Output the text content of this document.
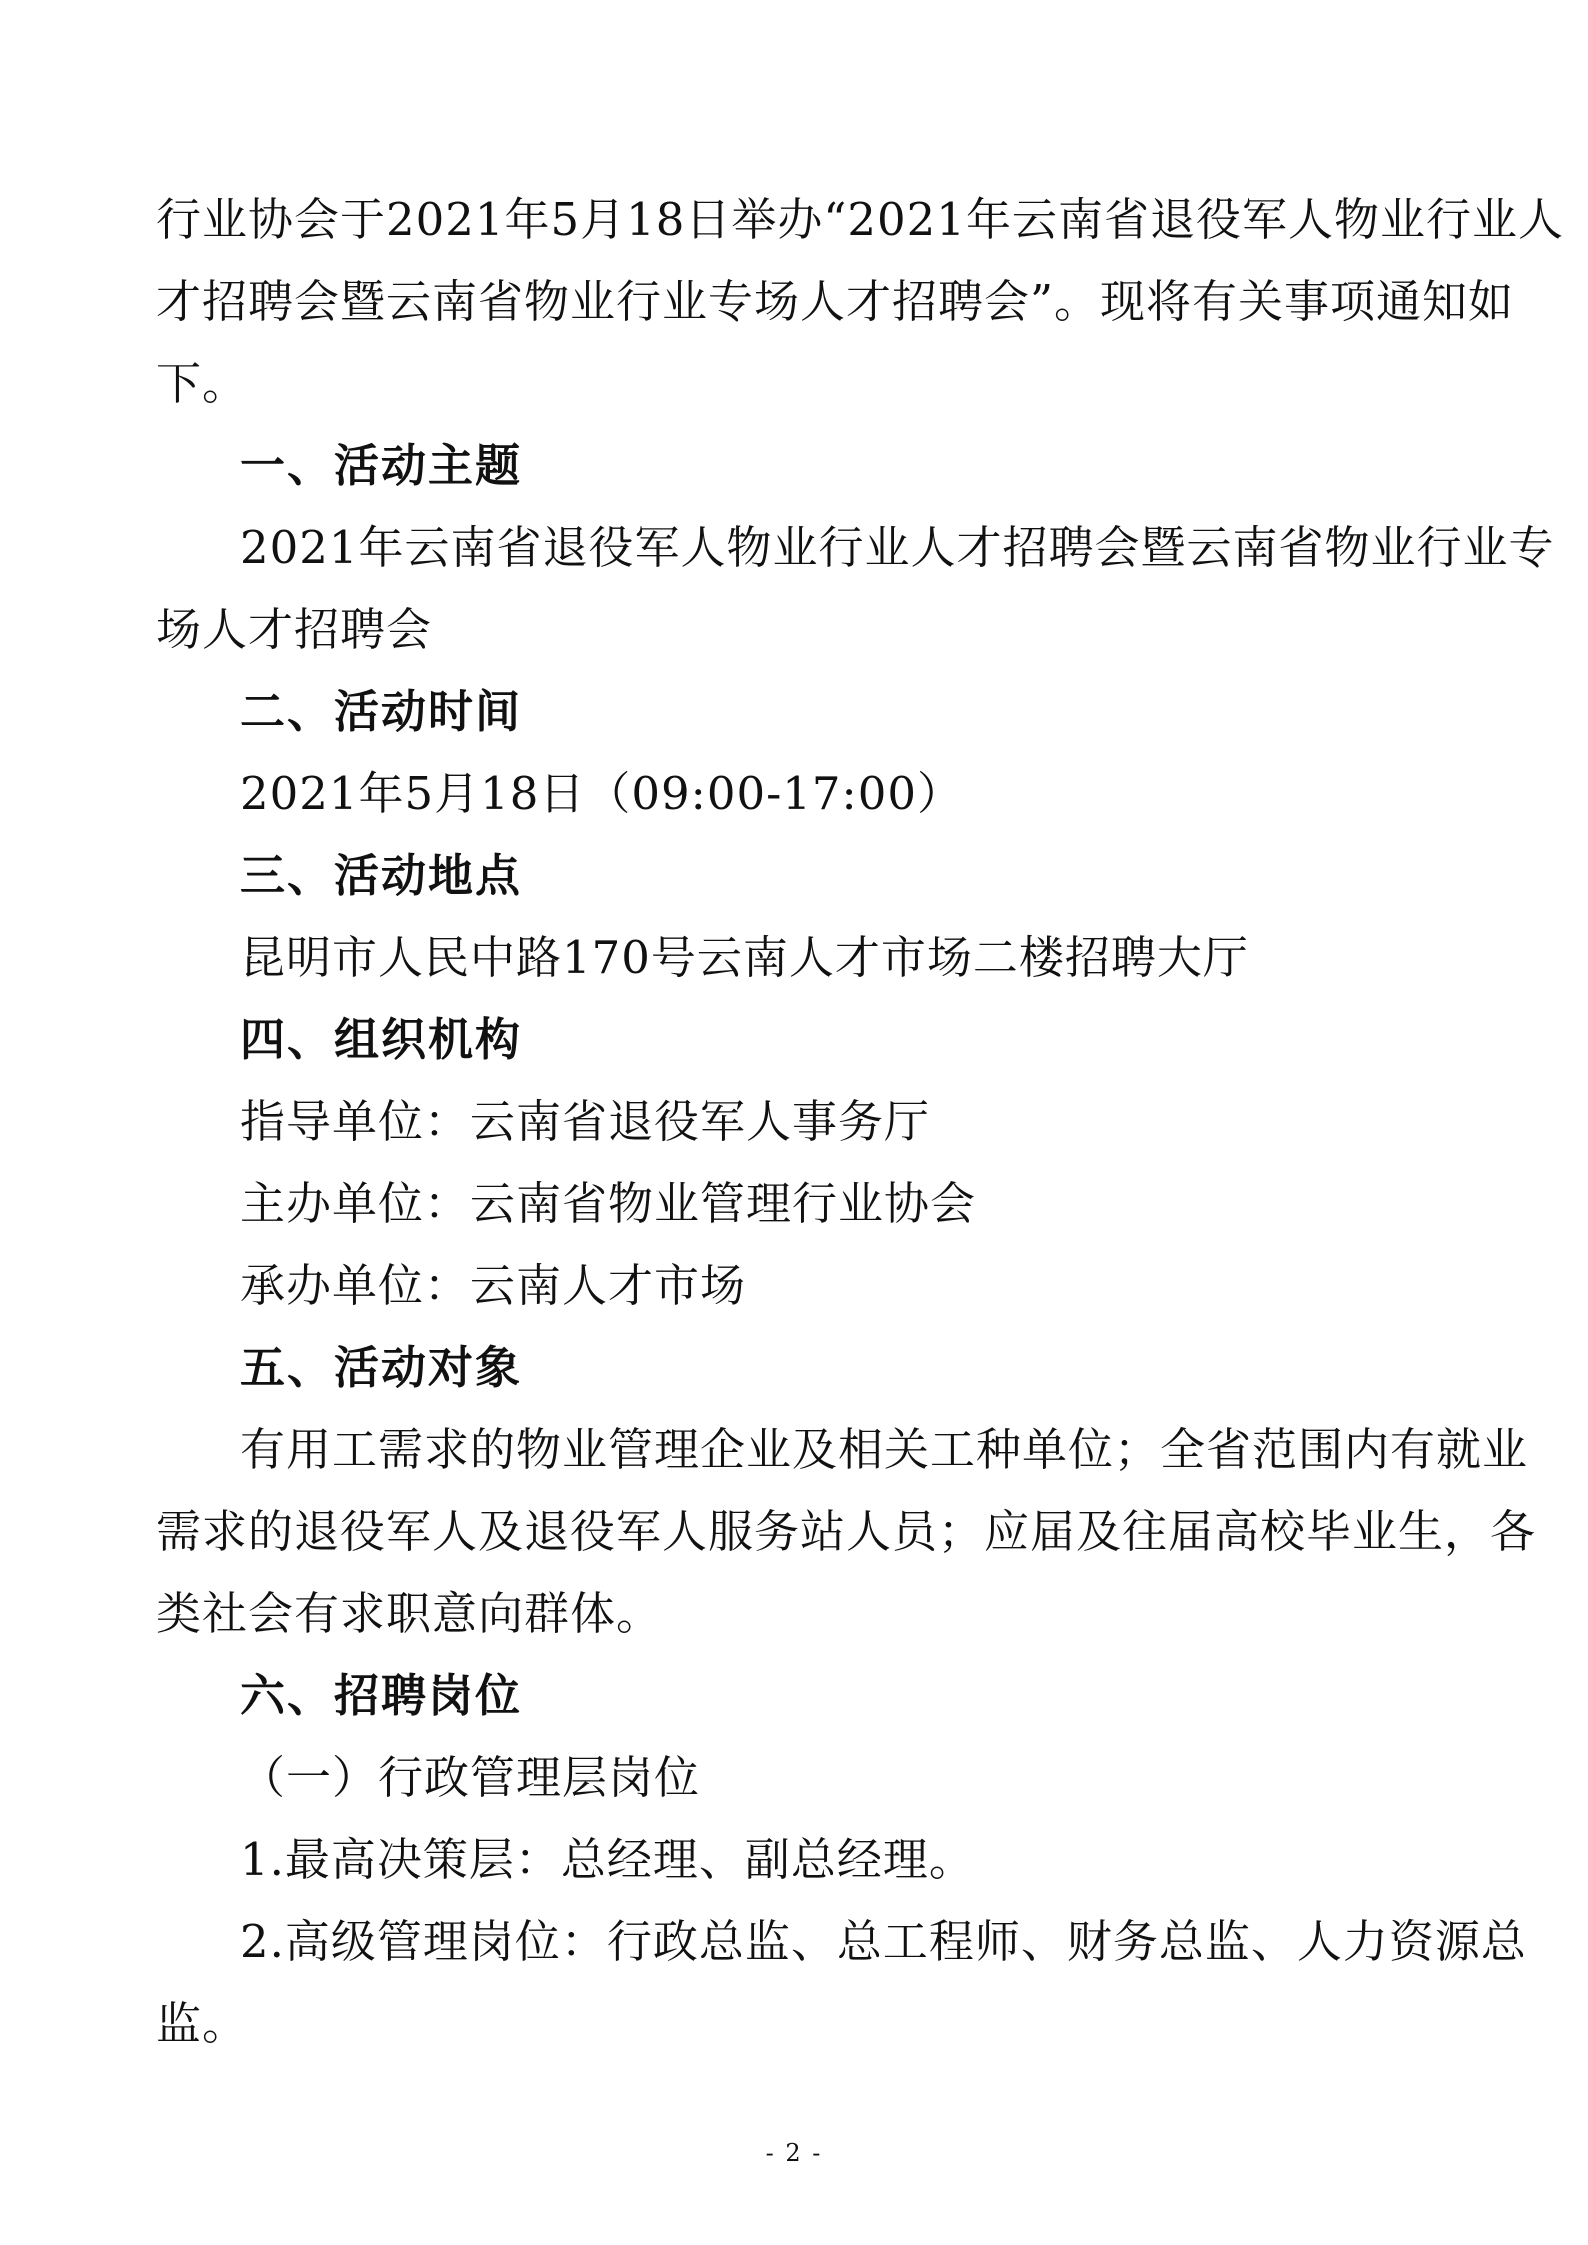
行业协会于2021年5月18日举办“2021年云南省退役军人物业行业人
才招聘会暨云南省物业行业专场人才招聘会”。现将有关事项通知如
下。
一、活动主题
2021年云南省退役军人物业行业人才招聘会暨云南省物业行业专
场人才招聘会
二、活动时间
2021年5月18日（09:00-17:00）
三、活动地点
昆明市人民中路170号云南人才市场二楼招聘大厅
四、组织机构
指导单位：云南省退役军人事务厅
主办单位：云南省物业管理行业协会
承办单位：云南人才市场
五、活动对象
有用工需求的物业管理企业及相关工种单位；全省范围内有就业
需求的退役军人及退役军人服务站人员；应届及往届高校毕业生，各
类社会有求职意向群体。
六、招聘岗位
（一）行政管理层岗位
1.最高决策层：总经理、副总经理。
2.高级管理岗位：行政总监、总工程师、财务总监、人力资源总
监。
- 2 -
